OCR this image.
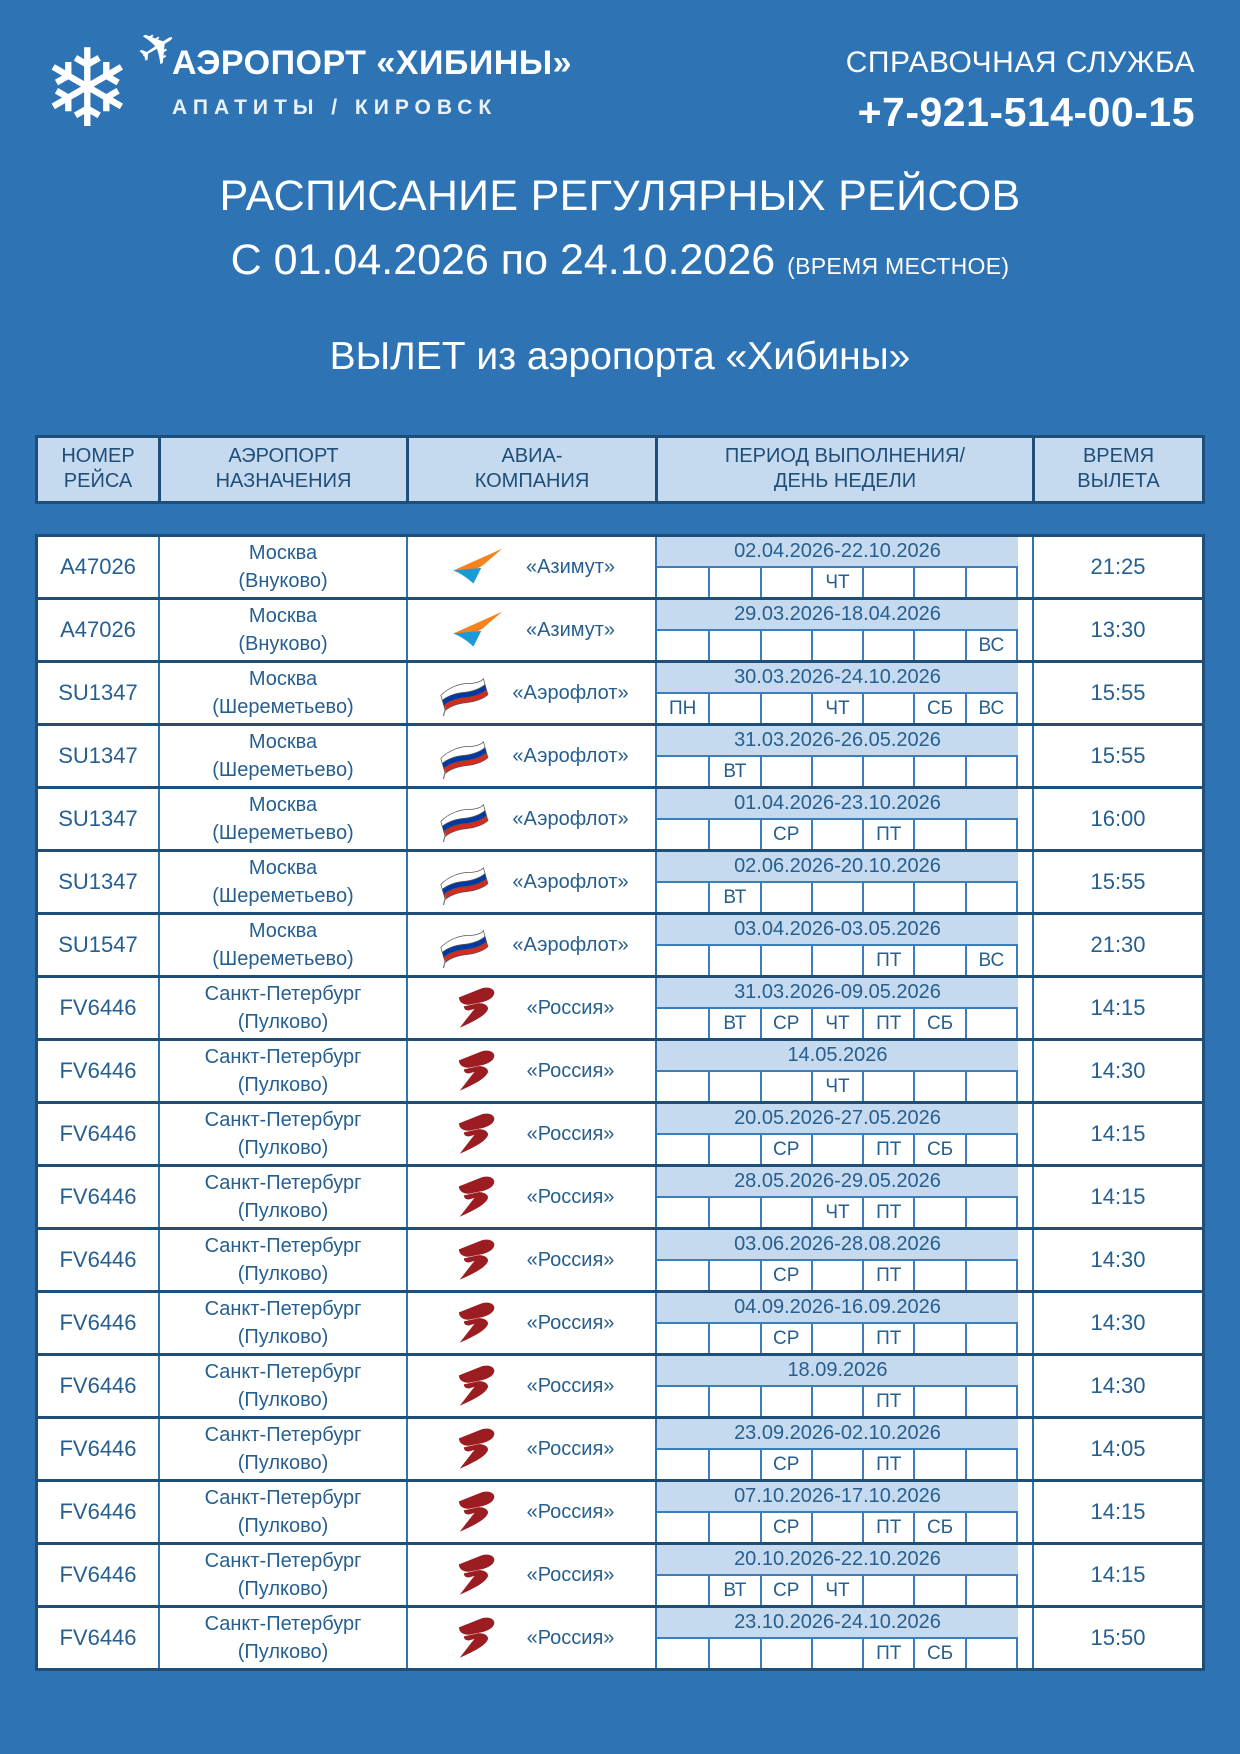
❄
✈
АЭРОПОРТ «ХИБИНЫ»
АПАТИТЫ / КИРОВСК
СПРАВОЧНАЯ СЛУЖБА
+7-921-514-00-15
РАСПИСАНИЕ РЕГУЛЯРНЫХ РЕЙСОВ
С 01.04.2026 по 24.10.2026 (ВРЕМЯ МЕСТНОЕ)
ВЫЛЕТ из аэропорта «Хибины»
НОМЕР
РЕЙСА
АЭРОПОРТ
НАЗНАЧЕНИЯ
АВИА-
КОМПАНИЯ
ПЕРИОД ВЫПОЛНЕНИЯ/
ДЕНЬ НЕДЕЛИ
ВРЕМЯ
ВЫЛЕТА
A47026
Москва
(Внуково)
«Азимут»
02.04.2026-22.10.2026
ЧТ
21:25
A47026
Москва
(Внуково)
«Азимут»
29.03.2026-18.04.2026
ВС
13:30
SU1347
Москва
(Шереметьево)
«Аэрофлот»
30.03.2026-24.10.2026
ПН	ЧТ	СБ	ВС
15:55
SU1347
Москва
(Шереметьево)
«Аэрофлот»
31.03.2026-26.05.2026
ВТ
15:55
SU1347
Москва
(Шереметьево)
«Аэрофлот»
01.04.2026-23.10.2026
СР	ПТ
16:00
SU1347
Москва
(Шереметьево)
«Аэрофлот»
02.06.2026-20.10.2026
ВТ
15:55
SU1547
Москва
(Шереметьево)
«Аэрофлот»
03.04.2026-03.05.2026
ПТ	ВС
21:30
FV6446
Санкт-Петербург
(Пулково)
«Россия»
31.03.2026-09.05.2026
ВТ	СР	ЧТ	ПТ	СБ
14:15
FV6446
Санкт-Петербург
(Пулково)
«Россия»
14.05.2026
ЧТ
14:30
FV6446
Санкт-Петербург
(Пулково)
«Россия»
20.05.2026-27.05.2026
СР	ПТ	СБ
14:15
FV6446
Санкт-Петербург
(Пулково)
«Россия»
28.05.2026-29.05.2026
ЧТ	ПТ
14:15
FV6446
Санкт-Петербург
(Пулково)
«Россия»
03.06.2026-28.08.2026
СР	ПТ
14:30
FV6446
Санкт-Петербург
(Пулково)
«Россия»
04.09.2026-16.09.2026
СР	ПТ
14:30
FV6446
Санкт-Петербург
(Пулково)
«Россия»
18.09.2026
ПТ
14:30
FV6446
Санкт-Петербург
(Пулково)
«Россия»
23.09.2026-02.10.2026
СР	ПТ
14:05
FV6446
Санкт-Петербург
(Пулково)
«Россия»
07.10.2026-17.10.2026
СР	ПТ	СБ
14:15
FV6446
Санкт-Петербург
(Пулково)
«Россия»
20.10.2026-22.10.2026
ВТ	СР	ЧТ
14:15
FV6446
Санкт-Петербург
(Пулково)
«Россия»
23.10.2026-24.10.2026
ПТ	СБ
15:50
